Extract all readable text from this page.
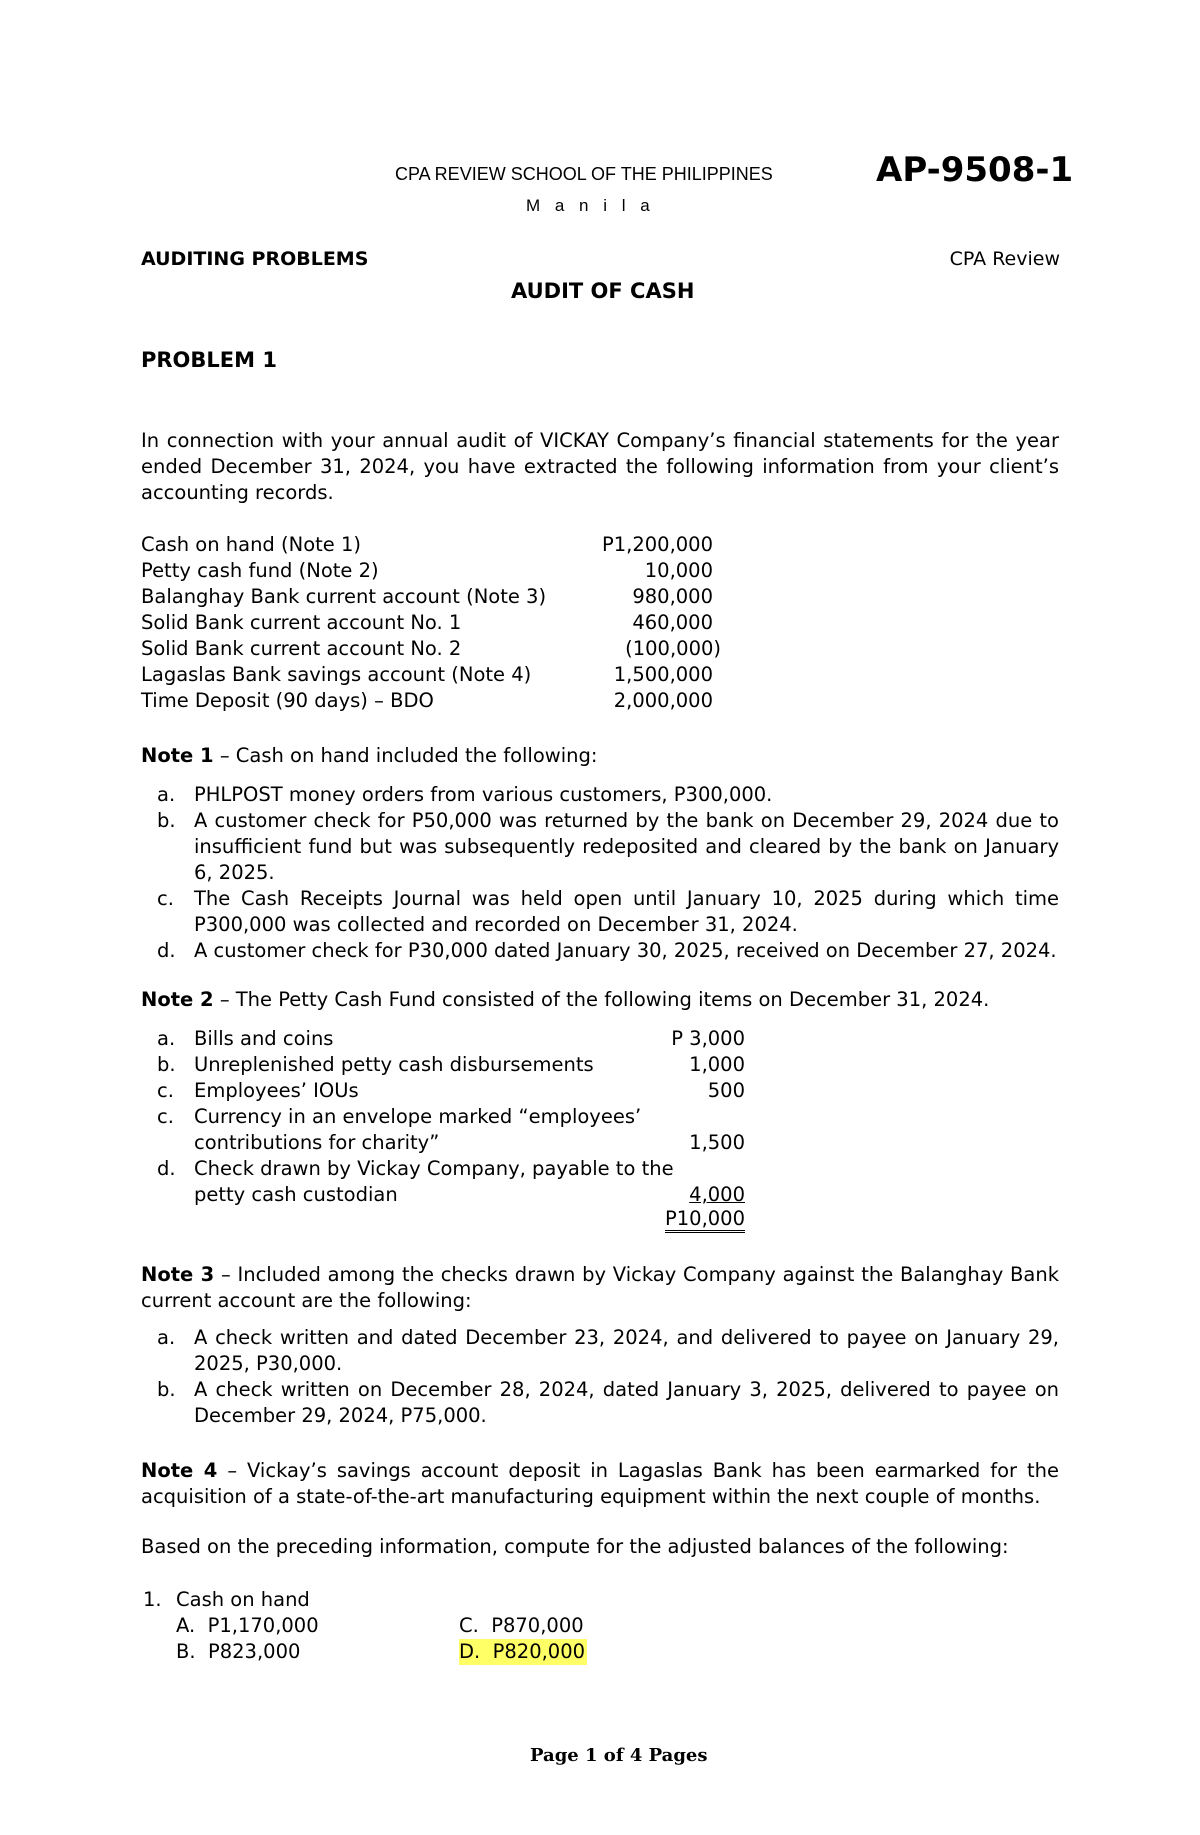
CPA REVIEW SCHOOL OF THE PHILIPPINES
M a n i l a
AP-9508-1
AUDITING PROBLEMS	CPA Review
AUDIT OF CASH
PROBLEM 1
In connection with your annual audit of VICKAY Company’s financial statements for the year ended December 31, 2024, you have extracted the following information from your client’s accounting records.
Cash on hand (Note 1)	P1,200,000
Petty cash fund (Note 2)	10,000
Balanghay Bank current account (Note 3)	980,000
Solid Bank current account No. 1	460,000
Solid Bank current account No. 2	(100,000)
Lagaslas Bank savings account (Note 4)	1,500,000
Time Deposit (90 days) – BDO	2,000,000
Note 1 – Cash on hand included the following:
a. PHLPOST money orders from various customers, P300,000.
b. A customer check for P50,000 was returned by the bank on December 29, 2024 due to insufficient fund but was subsequently redeposited and cleared by the bank on January 6, 2025.
c. The Cash Receipts Journal was held open until January 10, 2025 during which time P300,000 was collected and recorded on December 31, 2024.
d. A customer check for P30,000 dated January 30, 2025, received on December 27, 2024.
Note 2 – The Petty Cash Fund consisted of the following items on December 31, 2024.
a. Bills and coins	P 3,000
b. Unreplenished petty cash disbursements	1,000
c. Employees’ IOUs	500
c. Currency in an envelope marked “employees’
contributions for charity”	1,500
d. Check drawn by Vickay Company, payable to the
petty cash custodian	4,000
P10,000
Note 3 – Included among the checks drawn by Vickay Company against the Balanghay Bank current account are the following:
a. A check written and dated December 23, 2024, and delivered to payee on January 29, 2025, P30,000.
b. A check written on December 28, 2024, dated January 3, 2025, delivered to payee on December 29, 2024, P75,000.
Note 4 – Vickay’s savings account deposit in Lagaslas Bank has been earmarked for the acquisition of a state-of-the-art manufacturing equipment within the next couple of months.
Based on the preceding information, compute for the adjusted balances of the following:
1. Cash on hand
A. P1,170,000
B. P823,000
C. P870,000
D. P820,000
Page 1 of 4 Pages
